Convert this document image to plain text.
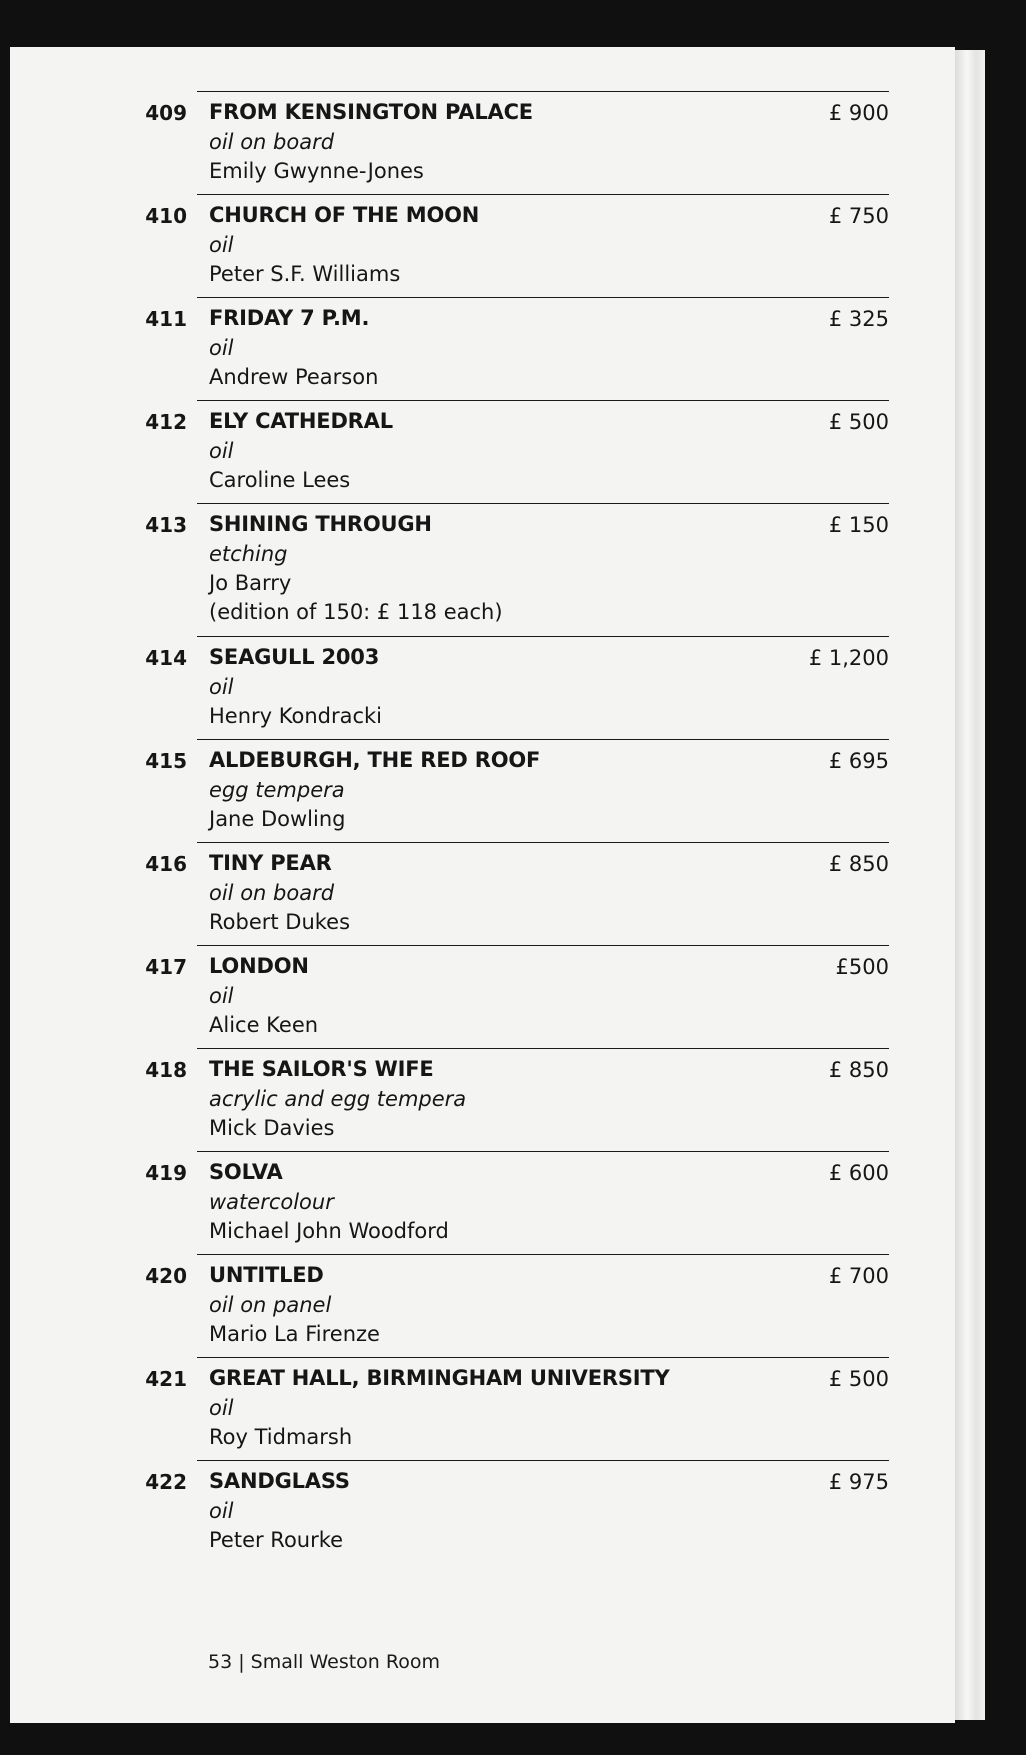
409 FROM KENSINGTON PALACE	£ 900
oil on board
Emily Gwynne-Jones
410 CHURCH OF THE MOON	£ 750
oil
Peter S.F. Williams
411 FRIDAY 7 P.M.	£ 325
oil
Andrew Pearson
412 ELY CATHEDRAL	£ 500
oil
Caroline Lees
413 SHINING THROUGH	£ 150
etching
Jo Barry
(edition of 150: £ 118 each)
414 SEAGULL 2003	£ 1,200
oil
Henry Kondracki
415 ALDEBURGH, THE RED ROOF	£ 695
egg tempera
Jane Dowling
416 TINY PEAR	£ 850
oil on board
Robert Dukes
417 LONDON	£500
oil
Alice Keen
418 THE SAILOR'S WIFE	£ 850
acrylic and egg tempera
Mick Davies
419 SOLVA	£ 600
watercolour
Michael John Woodford
420 UNTITLED	£ 700
oil on panel
Mario La Firenze
421 GREAT HALL, BIRMINGHAM UNIVERSITY	£ 500
oil
Roy Tidmarsh
422 SANDGLASS	£ 975
oil
Peter Rourke
53 | Small Weston Room
